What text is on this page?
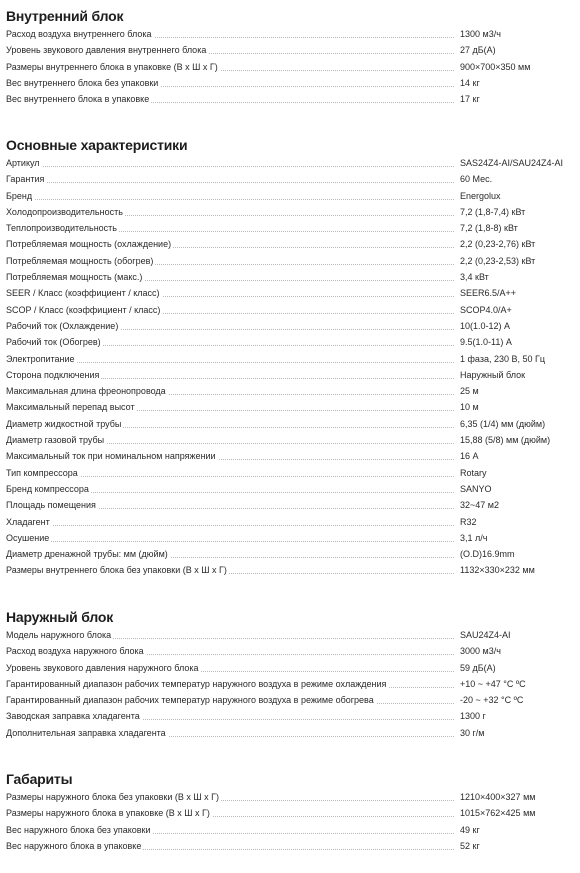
Внутренний блок
Расход воздуха внутреннего блока	1300 м3/ч
Уровень звукового давления внутреннего блока	27 дБ(А)
Размеры внутреннего блока в упаковке (В х Ш х Г)	900×700×350 мм
Вес внутреннего блока без упаковки	14 кг
Вес внутреннего блока в упаковке	17 кг
Основные характеристики
Артикул	SAS24Z4-AI/SAU24Z4-AI
Гарантия	60 Мес.
Бренд	Energolux
Холодопроизводительность	7,2 (1,8-7,4) кВт
Теплопроизводительность	7,2 (1,8-8) кВт
Потребляемая мощность (охлаждение)	2,2 (0,23-2,76) кВт
Потребляемая мощность (обогрев)	2,2 (0,23-2,53) кВт
Потребляемая мощность (макс.)	3,4 кВт
SEER / Класс (коэффициент / класс)	SEER6.5/A++
SCOP / Класс (коэффициент / класс)	SCOP4.0/A+
Рабочий ток (Охлаждение)	10(1.0-12) А
Рабочий ток (Обогрев)	9.5(1.0-11) А
Электропитание	1 фаза, 230 В, 50 Гц
Сторона подключения	Наружный блок
Максимальная длина фреонопровода	25 м
Максимальный перепад высот	10 м
Диаметр жидкостной трубы	6,35 (1/4) мм (дюйм)
Диаметр газовой трубы	15,88 (5/8) мм (дюйм)
Максимальный ток при номинальном напряжении	16 А
Тип компрессора	Rotary
Бренд компрессора	SANYO
Площадь помещения	32~47 м2
Хладагент	R32
Осушение	3,1 л/ч
Диаметр дренажной трубы: мм (дюйм)	(O.D)16.9mm
Размеры внутреннего блока без упаковки (В х Ш х Г)	1132×330×232 мм
Наружный блок
Модель наружного блока	SAU24Z4-AI
Расход воздуха наружного блока	3000 м3/ч
Уровень звукового давления наружного блока	59 дБ(А)
Гарантированный диапазон рабочих температур наружного воздуха в режиме охлаждения	+10 ~ +47 °С ºС
Гарантированный диапазон рабочих температур наружного воздуха в режиме обогрева	-20 ~ +32 °С ºС
Заводская заправка хладагента	1300 г
Дополнительная заправка хладагента	30 г/м
Габариты
Размеры наружного блока без упаковки (В х Ш х Г)	1210×400×327 мм
Размеры наружного блока в упаковке (В х Ш х Г)	1015×762×425 мм
Вес наружного блока без упаковки	49 кг
Вес наружного блока в упаковке	52 кг
